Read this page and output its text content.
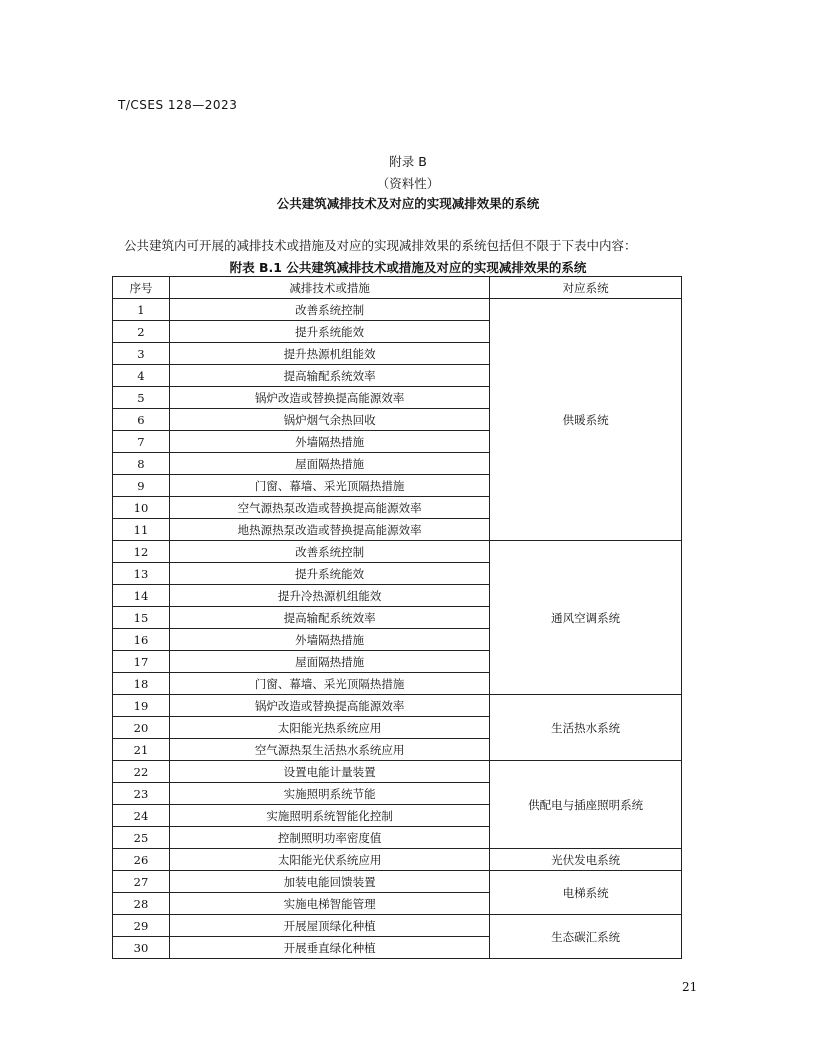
T/CSES 128—2023
附录 B
（资料性）
公共建筑减排技术及对应的实现减排效果的系统
公共建筑内可开展的减排技术或措施及对应的实现减排效果的系统包括但不限于下表中内容：
附表 B.1 公共建筑减排技术或措施及对应的实现减排效果的系统
序号	减排技术或措施	对应系统
1	改善系统控制	供暖系统
2	提升系统能效	
3	提升热源机组能效	
4	提高输配系统效率	
5	锅炉改造或替换提高能源效率	
6	锅炉烟气余热回收	
7	外墙隔热措施	
8	屋面隔热措施	
9	门窗、幕墙、采光顶隔热措施	
10	空气源热泵改造或替换提高能源效率	
11	地热源热泵改造或替换提高能源效率	
12	改善系统控制	通风空调系统
13	提升系统能效	
14	提升冷热源机组能效	
15	提高输配系统效率	
16	外墙隔热措施	
17	屋面隔热措施	
18	门窗、幕墙、采光顶隔热措施	
19	锅炉改造或替换提高能源效率	生活热水系统
20	太阳能光热系统应用	
21	空气源热泵生活热水系统应用	
22	设置电能计量装置	供配电与插座照明系统
23	实施照明系统节能	
24	实施照明系统智能化控制	
25	控制照明功率密度值	
26	太阳能光伏系统应用	光伏发电系统
27	加装电能回馈装置	电梯系统
28	实施电梯智能管理	
29	开展屋顶绿化种植	生态碳汇系统
30	开展垂直绿化种植	
21
